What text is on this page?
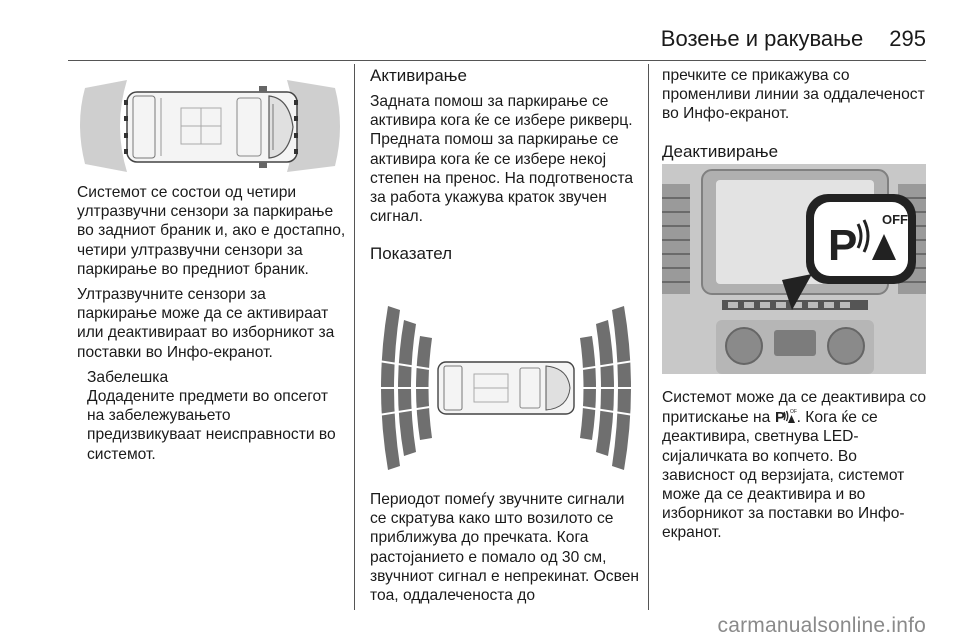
Возење и ракување 295

Системот се состои од четири ултразвучни сензори за паркирање во задниот браник и, ако е достапно, четири ултразвучни сензори за паркирање во предниот браник.

Ултразвучните сензори за паркирање може да се активираат или деактивираат во изборникот за поставки во Инфо-екранот.

Забелешка

Додадените предмети во опсегот на забележувањето предизвикуваат неисправности во системот.

Активирање

Задната помош за паркирање се активира кога ќе се избере рикверц. Предната помош за паркирање се активира кога ќе се избере некој степен на пренос. На подготвеноста за работа укажува краток звучен сигнал.

Показател

Периодот помеѓу звучните сигнали се скратува како што возилото се приближува до пречката. Кога растојанието е помало од 30 см, звучниот сигнал е непрекинат. Освен тоа, оддалеченоста до

пречките се прикажува со променливи линии за оддалеченост во Инфо-екранот.

Деактивирање
P
OFF

Системот може да се деактивира со притискање на P OF . Кога ќе се деактивира, светнува LED-сијаличката во копчето. Во зависност од верзијата, системот може да се деактивира и во изборникот за поставки во Инфо-екранот.

carmanualsonline.info
